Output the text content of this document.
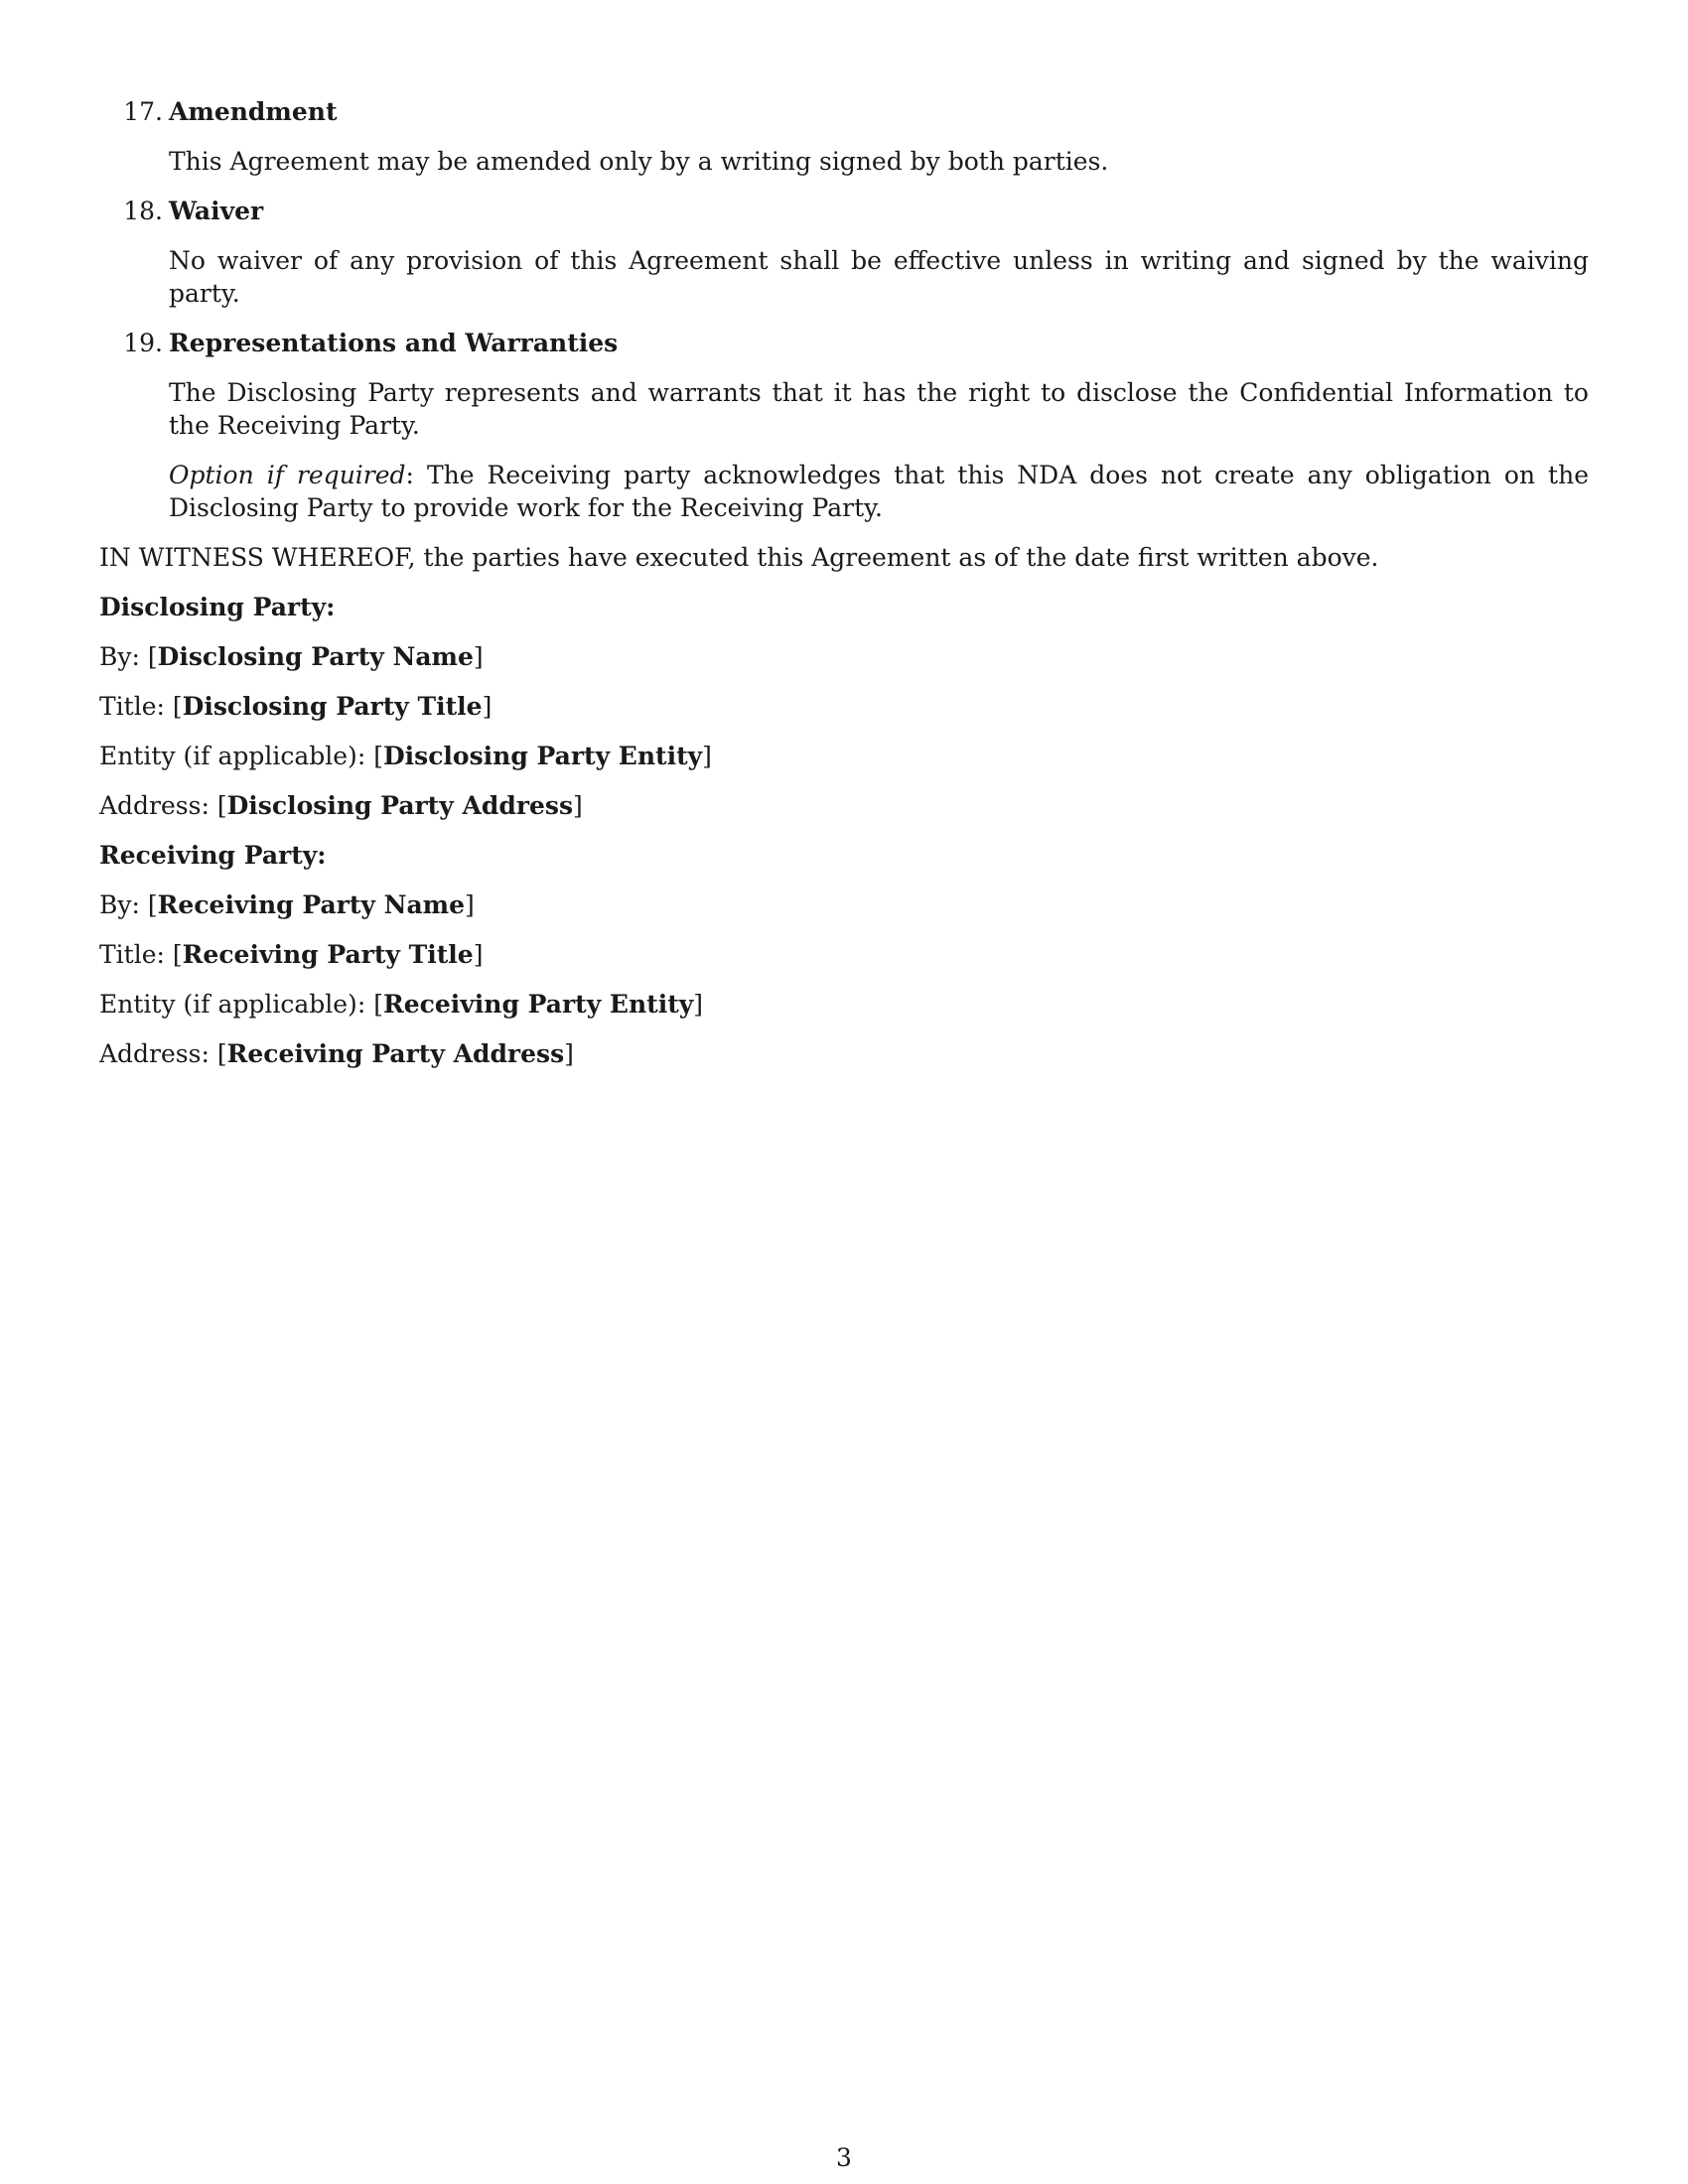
17. Amendment

This Agreement may be amended only by a writing signed by both parties.

18. Waiver

No waiver of any provision of this Agreement shall be effective unless in writing and signed by the waiving party.

19. Representations and Warranties

The Disclosing Party represents and warrants that it has the right to disclose the Confidential Information to the Receiving Party.

Option if required: The Receiving party acknowledges that this NDA does not create any obligation on the Disclosing Party to provide work for the Receiving Party.

IN WITNESS WHEREOF, the parties have executed this Agreement as of the date first written above.

Disclosing Party:
By: [Disclosing Party Name]
Title: [Disclosing Party Title]
Entity (if applicable): [Disclosing Party Entity]
Address: [Disclosing Party Address]
Receiving Party:
By: [Receiving Party Name]
Title: [Receiving Party Title]
Entity (if applicable): [Receiving Party Entity]
Address: [Receiving Party Address]
3
